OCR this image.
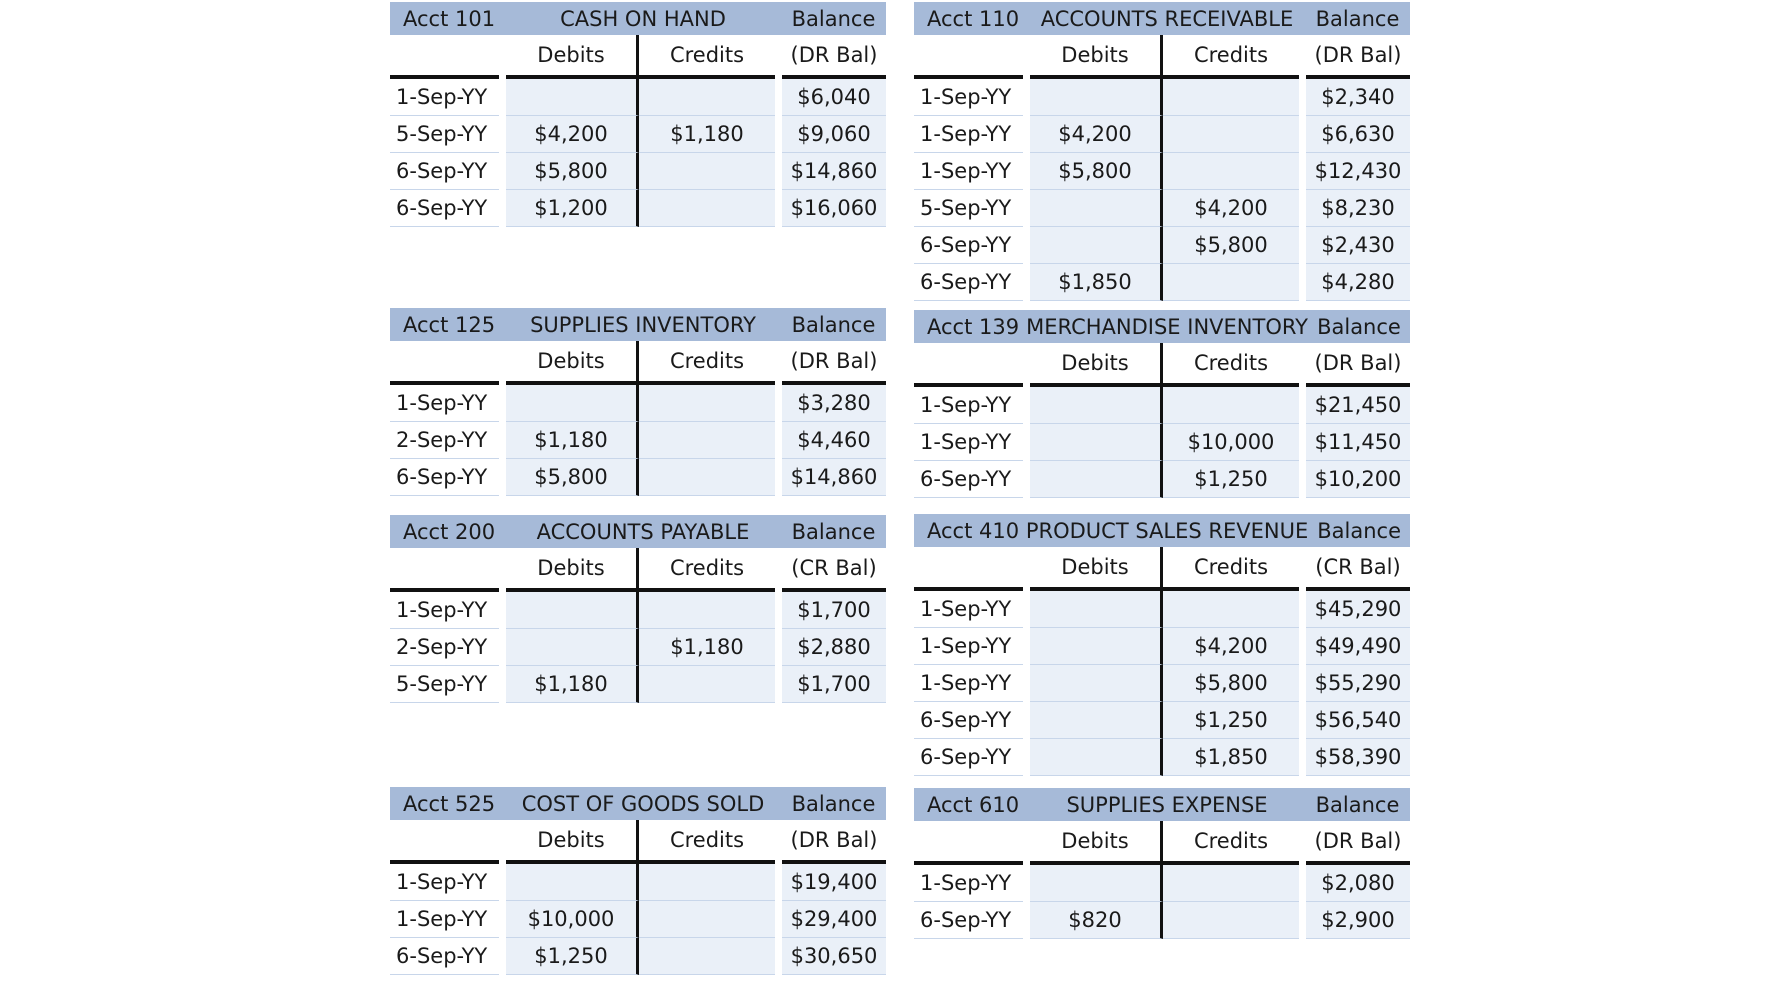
Acct 101	CASH ON HAND	Balance
		Debits	Credits		(DR Bal)
1-Sep-YY					$6,040
5-Sep-YY		$4,200	$1,180		$9,060
6-Sep-YY		$5,800			$14,860
6-Sep-YY		$1,200			$16,060
Acct 110	ACCOUNTS RECEIVABLE	Balance
		Debits	Credits		(DR Bal)
1-Sep-YY					$2,340
1-Sep-YY		$4,200			$6,630
1-Sep-YY		$5,800			$12,430
5-Sep-YY			$4,200		$8,230
6-Sep-YY			$5,800		$2,430
6-Sep-YY		$1,850			$4,280
Acct 125	SUPPLIES INVENTORY	Balance
		Debits	Credits		(DR Bal)
1-Sep-YY					$3,280
2-Sep-YY		$1,180			$4,460
6-Sep-YY		$5,800			$14,860
Acct 139 MERCHANDISE INVENTORY Balance
		Debits	Credits		(DR Bal)
1-Sep-YY					$21,450
1-Sep-YY			$10,000		$11,450
6-Sep-YY			$1,250		$10,200
Acct 200	ACCOUNTS PAYABLE	Balance
		Debits	Credits		(CR Bal)
1-Sep-YY					$1,700
2-Sep-YY			$1,180		$2,880
5-Sep-YY		$1,180			$1,700
Acct 410 PRODUCT SALES REVENUE Balance
		Debits	Credits		(CR Bal)
1-Sep-YY					$45,290
1-Sep-YY			$4,200		$49,490
1-Sep-YY			$5,800		$55,290
6-Sep-YY			$1,250		$56,540
6-Sep-YY			$1,850		$58,390
Acct 525	COST OF GOODS SOLD	Balance
		Debits	Credits		(DR Bal)
1-Sep-YY					$19,400
1-Sep-YY		$10,000			$29,400
6-Sep-YY		$1,250			$30,650
Acct 610	SUPPLIES EXPENSE	Balance
		Debits	Credits		(DR Bal)
1-Sep-YY					$2,080
6-Sep-YY		$820			$2,900
